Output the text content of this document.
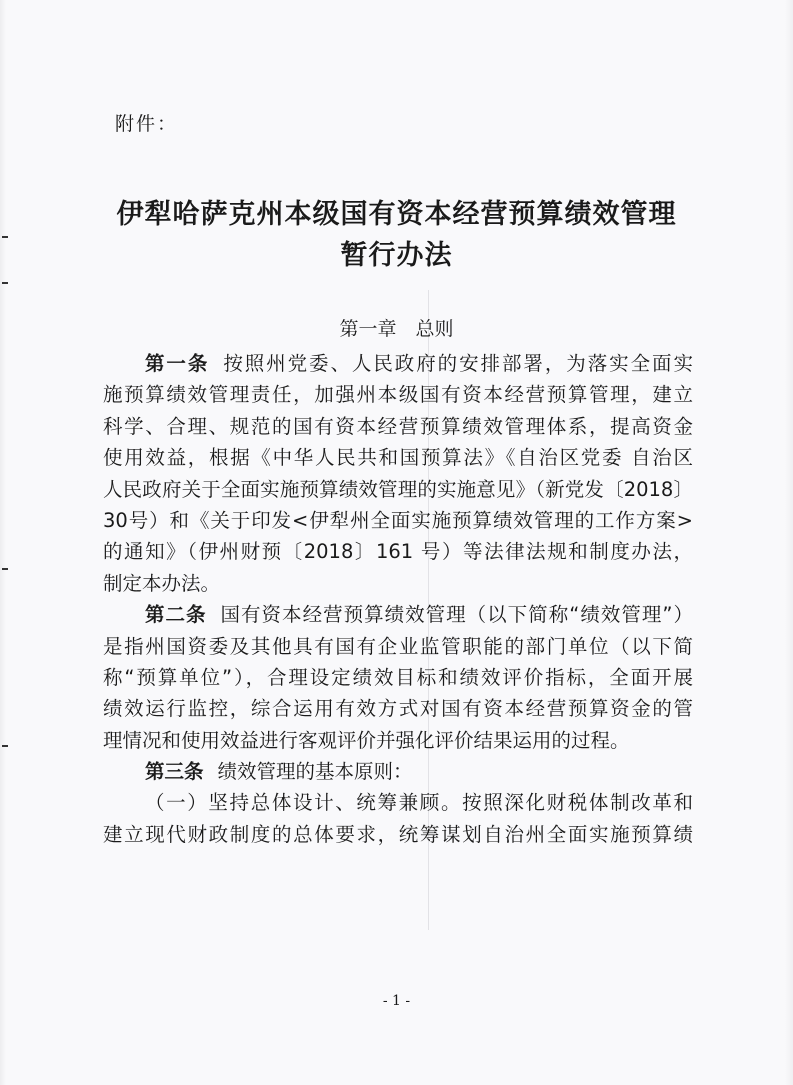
附件：
伊犁哈萨克州本级国有资本经营预算绩效管理
暂行办法
第一章　总则
第一条 按照州党委、人民政府的安排部署，为落实全面实
施预算绩效管理责任，加强州本级国有资本经营预算管理，建立
科学、合理、规范的国有资本经营预算绩效管理体系，提高资金
使用效益，根据《中华人民共和国预算法》《自治区党委 自治区
人民政府关于全面实施预算绩效管理的实施意见》（新党发〔2018〕
30号）和《关于印发<伊犁州全面实施预算绩效管理的工作方案>
的通知》（伊州财预〔2018〕161 号）等法律法规和制度办法，
制定本办法。
第二条 国有资本经营预算绩效管理（以下简称“绩效管理”）
是指州国资委及其他具有国有企业监管职能的部门单位（以下简
称“预算单位”），合理设定绩效目标和绩效评价指标，全面开展
绩效运行监控，综合运用有效方式对国有资本经营预算资金的管
理情况和使用效益进行客观评价并强化评价结果运用的过程。
第三条 绩效管理的基本原则：
（一）坚持总体设计、统筹兼顾。按照深化财税体制改革和
建立现代财政制度的总体要求，统筹谋划自治州全面实施预算绩
- 1 -
